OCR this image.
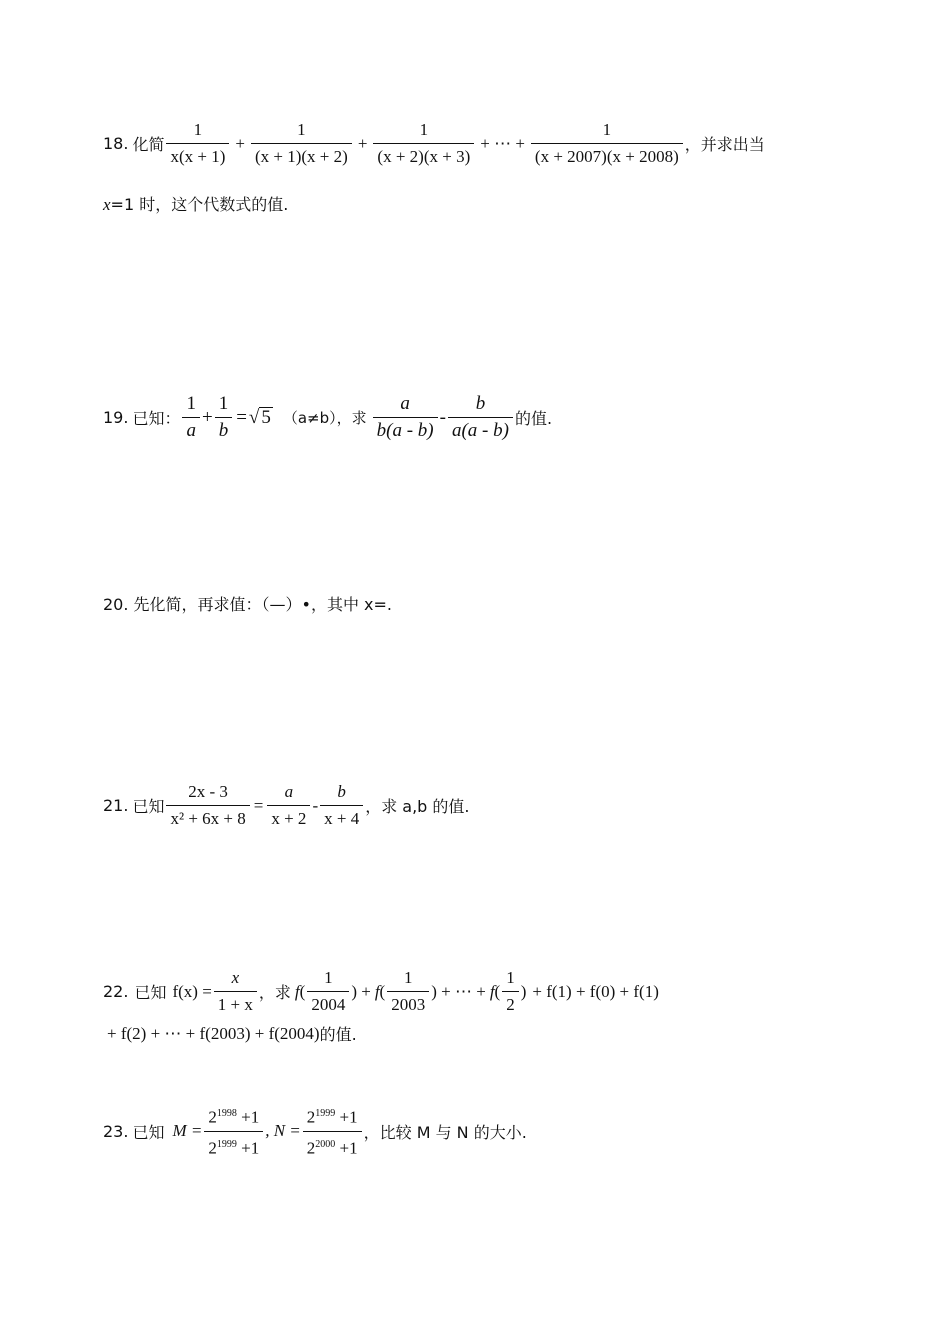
18. 化简 $\frac{1}{x(x + 1)} + \frac{1}{(x + 1)(x + 2)} + \frac{1}{(x + 2)(x + 3)}$ + ⋯ + $\frac{1}{(x + 2007)(x + 2008)}$ ，并求出当
x=1 时，这个代数式的值.
19. 已知：
1
a
+ $\frac{1}{b}$ = √ 5 （a≠b），求
a
b(a - b)
-
b
a(a - b)
的值.
20. 先化简，再求值：（—）•，其中 x=.
21. 已知 $\frac{2x - 3}{\text{x² + 6x + 8}} = \frac{a}{x + 2}$ -
b
x + 4
，求 a,b 的值.
22. 已知 $f(x) = \frac{x}{1 + x}$ ，求 f(
1
2004
) + f(
1
2003
) + ⋯ + f(
1
2
) + f(1) + f(0) + f(1)
+ f(2) + ⋯ + f(2003) + f(2004) 的值.
23. 已知 $M = \frac{2^{1998} +1}{2^{1999} +1}$ , $N = \frac{2^{1999} +1}{2^{2000} +1}$ ，比较 M 与 N 的大小.
